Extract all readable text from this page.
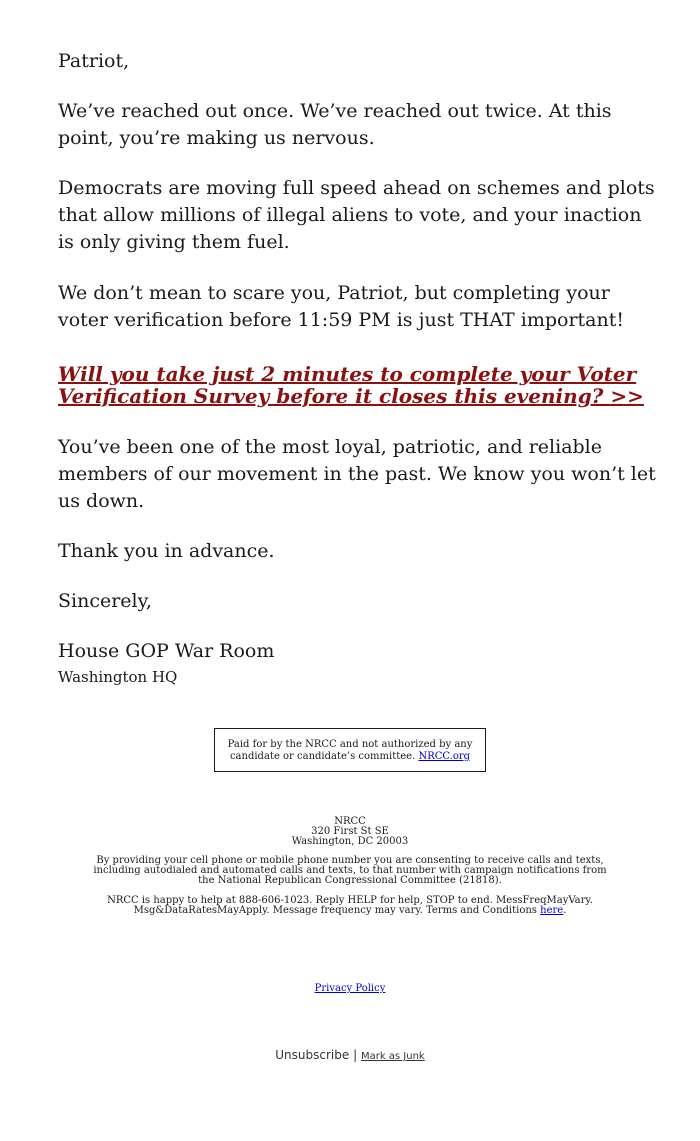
Patriot,

We’ve reached out once. We’ve reached out twice. At this point, you’re making us nervous.

Democrats are moving full speed ahead on schemes and plots that allow millions of illegal aliens to vote, and your inaction is only giving them fuel.

We don’t mean to scare you, Patriot, but completing your voter verification before 11:59 PM is just THAT important!

Will you take just 2 minutes to complete your Voter Verification Survey before it closes this evening? >>

You’ve been one of the most loyal, patriotic, and reliable members of our movement in the past. We know you won’t let us down.

Thank you in advance.

Sincerely,

House GOP War Room

Washington HQ

Paid for by the NRCC and not authorized by any candidate or candidate’s committee. NRCC.org
NRCC
320 First St SE
Washington, DC 20003
By providing your cell phone or mobile phone number you are consenting to receive calls and texts, including autodialed and automated calls and texts, to that number with campaign notifications from the National Republican Congressional Committee (21818).
NRCC is happy to help at 888-606-1023. Reply HELP for help, STOP to end. MessFreqMayVary. Msg&DataRatesMayApply. Message frequency may vary. Terms and Conditions here.
Privacy Policy
Unsubscribe | Mark as Junk
